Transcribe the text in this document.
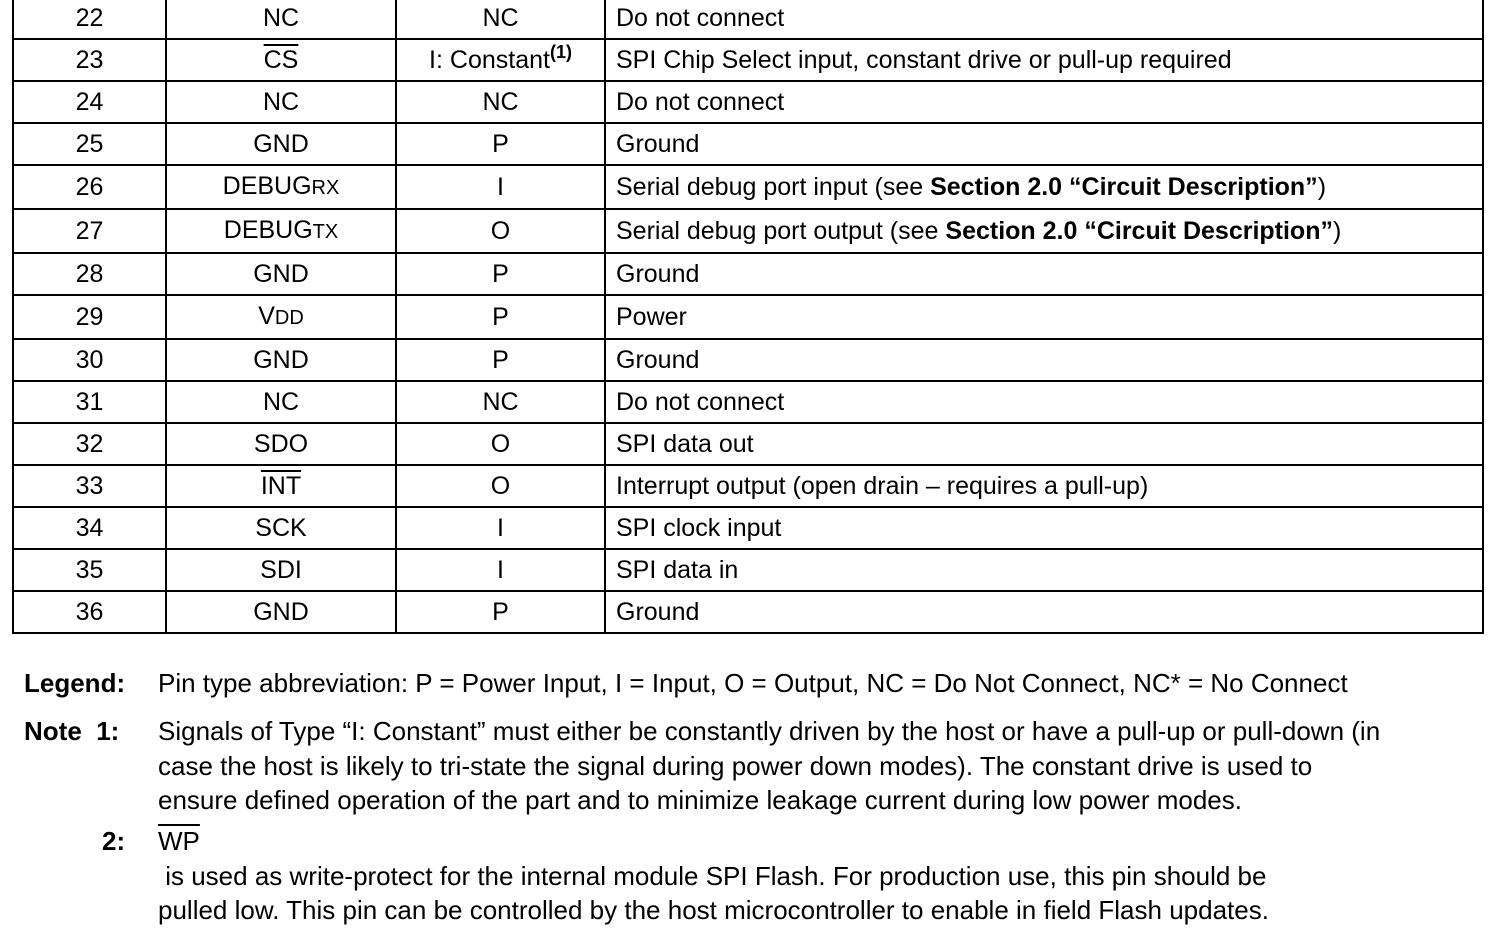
22	NC	NC	Do not connect
23	$\overline{CS}$	I: Constant$^{(1)}$	SPI Chip Select input, constant drive or pull-up required
24	NC	NC	Do not connect
25	GND	P	Ground
26	DEBUGRX	I	Serial debug port input (see Section 2.0 “Circuit Description”)
27	DEBUGTX	O	Serial debug port output (see Section 2.0 “Circuit Description”)
28	GND	P	Ground
29	VDD	P	Power
30	GND	P	Ground
31	NC	NC	Do not connect
32	SDO	O	SPI data out
33	$\overline{INT}$	O	Interrupt output (open drain – requires a pull-up)
34	SCK	I	SPI clock input
35	SDI	I	SPI data in
36	GND	P	Ground
Legend: Pin type abbreviation: P = Power Input, I = Input, O = Output, NC = Do Not Connect, NC* = No Connect
Note  1:	Signals of Type “I: Constant” must either be constantly driven by the host or have a pull-up or pull-down (in
case the host is likely to tri-state the signal during power down modes). The constant drive is used to
ensure defined operation of the part and to minimize leakage current during low power modes.
2: $\overline{WP}$
is used as write-protect for the internal module SPI Flash. For production use, this pin should be
pulled low. This pin can be controlled by the host microcontroller to enable in field Flash updates.
